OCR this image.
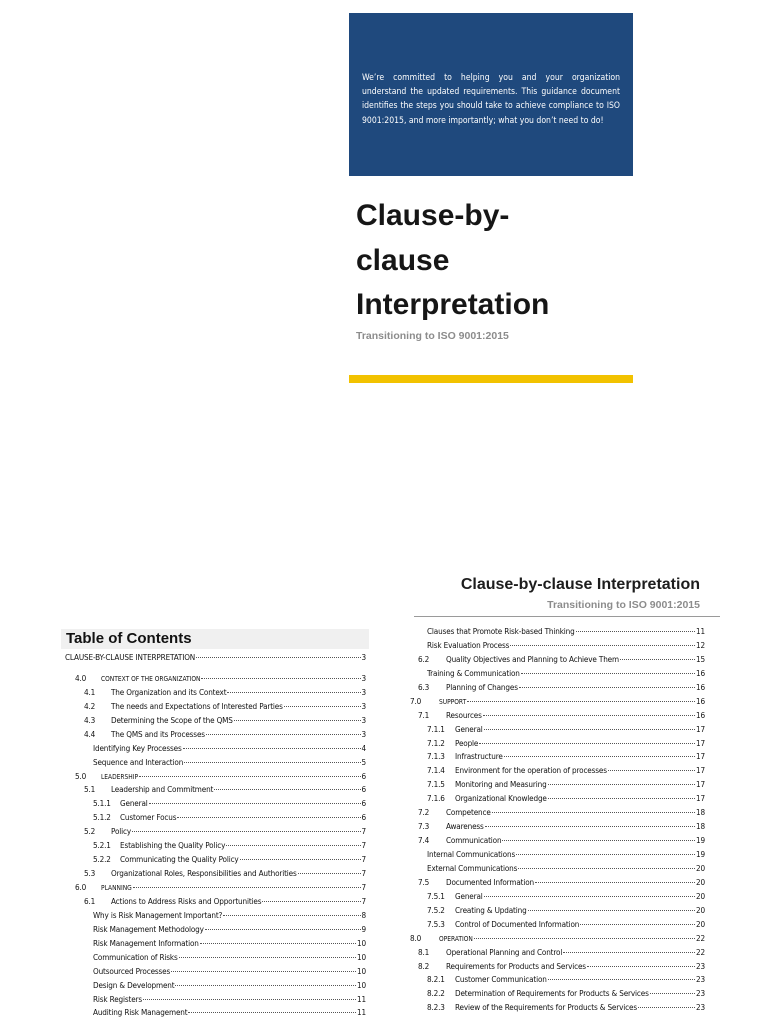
We’re committed to helping you and your organization understand the updated requirements. This guidance document identifies the steps you should take to achieve compliance to ISO 9001:2015, and more importantly; what you don’t need to do!

Clause-by-
clause
Interpretation

Transitioning to ISO 9001:2015

Clause-by-clause Interpretation

Transitioning to ISO 9001:2015

Table of Contents
CLAUSE-BY-CLAUSE INTERPRETATION	3
4.0	CONTEXT OF THE ORGANIZATION	3
4.1	The Organization and its Context	3
4.2	The needs and Expectations of Interested Parties	3
4.3	Determining the Scope of the QMS	3
4.4	The QMS and its Processes	3
Identifying Key Processes	4
Sequence and Interaction	5
5.0	LEADERSHIP	6
5.1	Leadership and Commitment	6
5.1.1	General	6
5.1.2	Customer Focus	6
5.2	Policy	7
5.2.1	Establishing the Quality Policy	7
5.2.2	Communicating the Quality Policy	7
5.3	Organizational Roles, Responsibilities and Authorities	7
6.0	PLANNING	7
6.1	Actions to Address Risks and Opportunities	7
Why is Risk Management Important?	8
Risk Management Methodology	9
Risk Management Information	10
Communication of Risks	10
Outsourced Processes	10
Design & Development	10
Risk Registers	11
Auditing Risk Management	11
Clauses that Promote Risk-based Thinking	11
Risk Evaluation Process	12
6.2	Quality Objectives and Planning to Achieve Them	15
Training & Communication	16
6.3	Planning of Changes	16
7.0	SUPPORT	16
7.1	Resources	16
7.1.1	General	17
7.1.2	People	17
7.1.3	Infrastructure	17
7.1.4	Environment for the operation of processes	17
7.1.5	Monitoring and Measuring	17
7.1.6	Organizational Knowledge	17
7.2	Competence	18
7.3	Awareness	18
7.4	Communication	19
Internal Communications	19
External Communications	20
7.5	Documented Information	20
7.5.1	General	20
7.5.2	Creating & Updating	20
7.5.3	Control of Documented Information	20
8.0	OPERATION	22
8.1	Operational Planning and Control	22
8.2	Requirements for Products and Services	23
8.2.1	Customer Communication	23
8.2.2	Determination of Requirements for Products & Services	23
8.2.3	Review of the Requirements for Products & Services	23
